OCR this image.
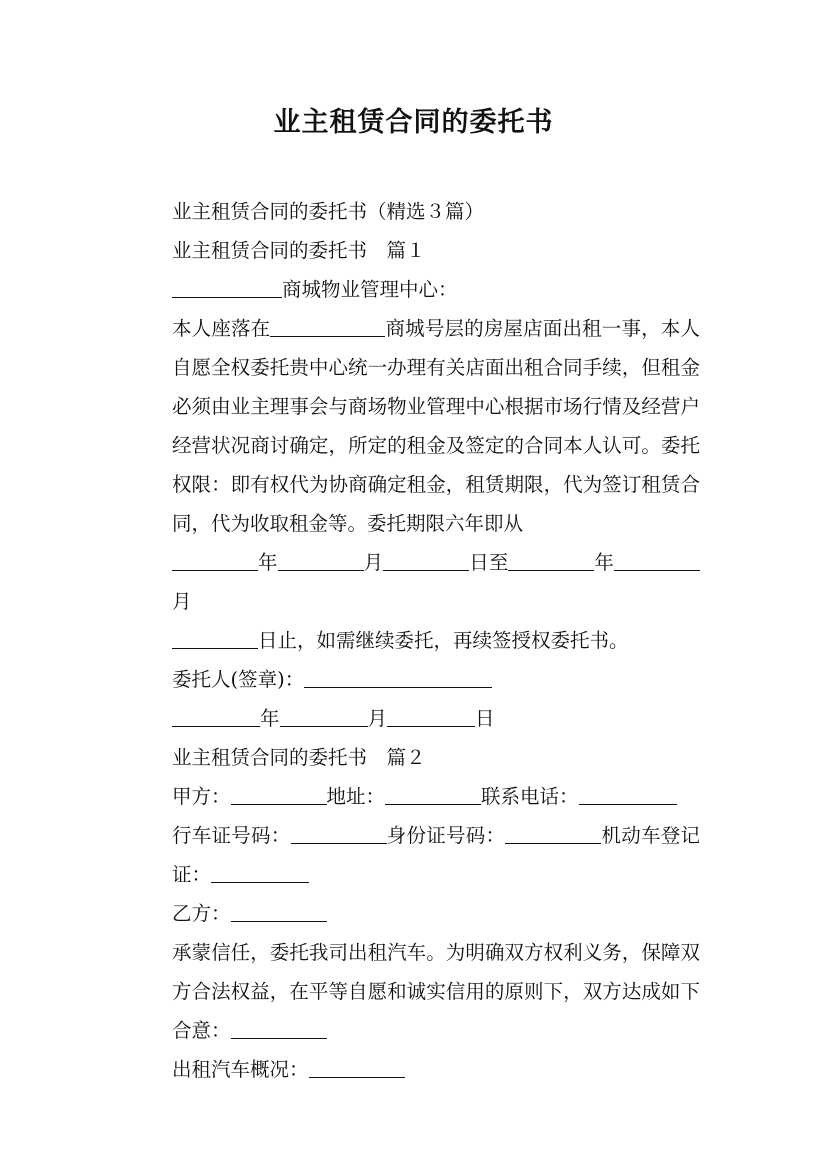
业主租赁合同的委托书

业主租赁合同的委托书（精选３篇）

业主租赁合同的委托书　篇１

商城物业管理中心：

本人座落在	商城号层的房屋店面出租一事，本人自愿全权委托贵中心统一办理有关店面出租合同手续，但租金必须由业主理事会与商场物业管理中心根据市场行情及经营户经营状况商讨确定，所定的租金及签定的合同本人认可。委托权限：即有权代为协商确定租金，租赁期限，代为签订租赁合同，代为收取租金等。委托期限六年即从
年	月	日至	年月
日止，如需继续委托，再续签授权委托书。

委托人(签章)：

年	月	日

业主租赁合同的委托书　篇２

甲方：	地址：	联系电话：
行车证号码：	身份证号码：	机动车登记证：

乙方：

承蒙信任，委托我司出租汽车。为明确双方权利义务，保障双方合法权益，在平等自愿和诚实信用的原则下，双方达成如下合意：

出租汽车概况：
